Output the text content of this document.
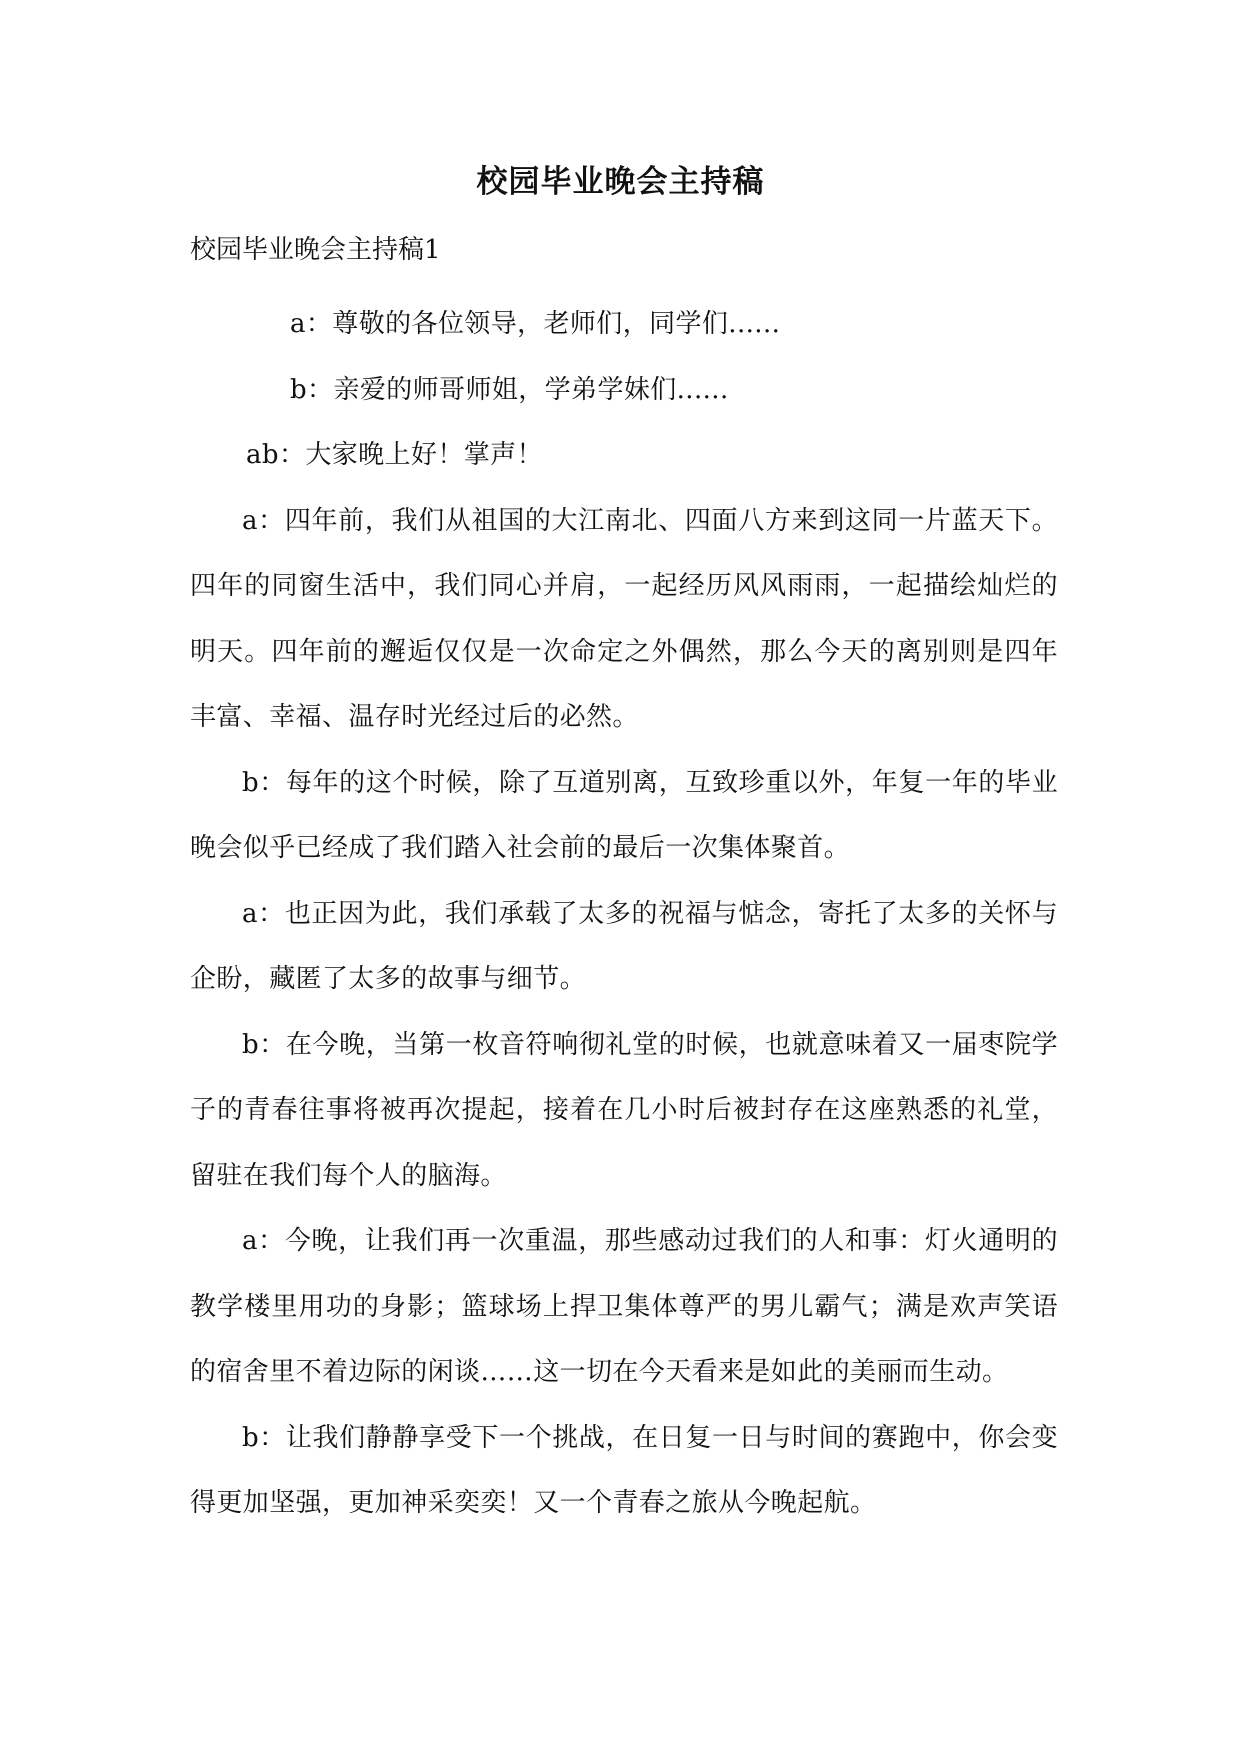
校园毕业晚会主持稿
校园毕业晚会主持稿1

a：尊敬的各位领导，老师们，同学们......

b：亲爱的师哥师姐，学弟学妹们......

ab：大家晚上好！掌声！

a：四年前，我们从祖国的大江南北、四面八方来到这同一片蓝天下。四年的同窗生活中，我们同心并肩，一起经历风风雨雨，一起描绘灿烂的明天。四年前的邂逅仅仅是一次命定之外偶然，那么今天的离别则是四年丰富、幸福、温存时光经过后的必然。

b：每年的这个时候，除了互道别离，互致珍重以外，年复一年的毕业晚会似乎已经成了我们踏入社会前的最后一次集体聚首。

a：也正因为此，我们承载了太多的祝福与惦念，寄托了太多的关怀与企盼，藏匿了太多的故事与细节。

b：在今晚，当第一枚音符响彻礼堂的时候，也就意味着又一届枣院学子的青春往事将被再次提起，接着在几小时后被封存在这座熟悉的礼堂，留驻在我们每个人的脑海。

a：今晚，让我们再一次重温，那些感动过我们的人和事：灯火通明的教学楼里用功的身影；篮球场上捍卫集体尊严的男儿霸气；满是欢声笑语的宿舍里不着边际的闲谈……这一切在今天看来是如此的美丽而生动。

b：让我们静静享受下一个挑战，在日复一日与时间的赛跑中，你会变得更加坚强，更加神采奕奕！又一个青春之旅从今晚起航。
